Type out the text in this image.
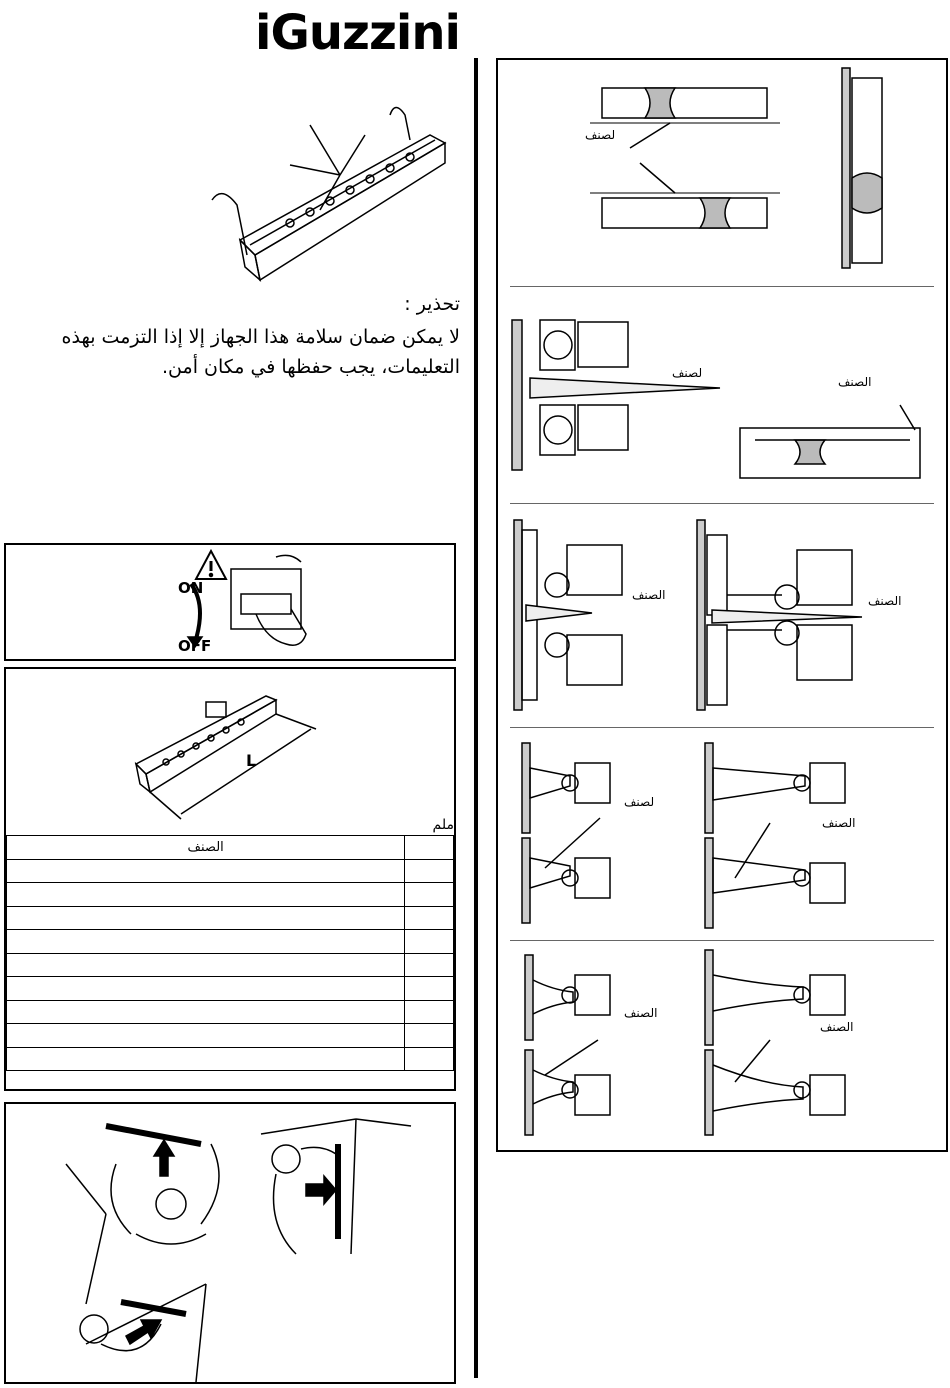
iGuzzini
تحذير :
لا يمكن ضمان سلامة هذا الجهاز إلا إذا التزمت بهذه
التعليمات، يجب حفظها في مكان أمن.
ON
OFF
L
ملم
الصنف	

لصنف
لصنف
الصنف
الصنف	الصنف
لصنف
الصنف
الصنف
الصنف
